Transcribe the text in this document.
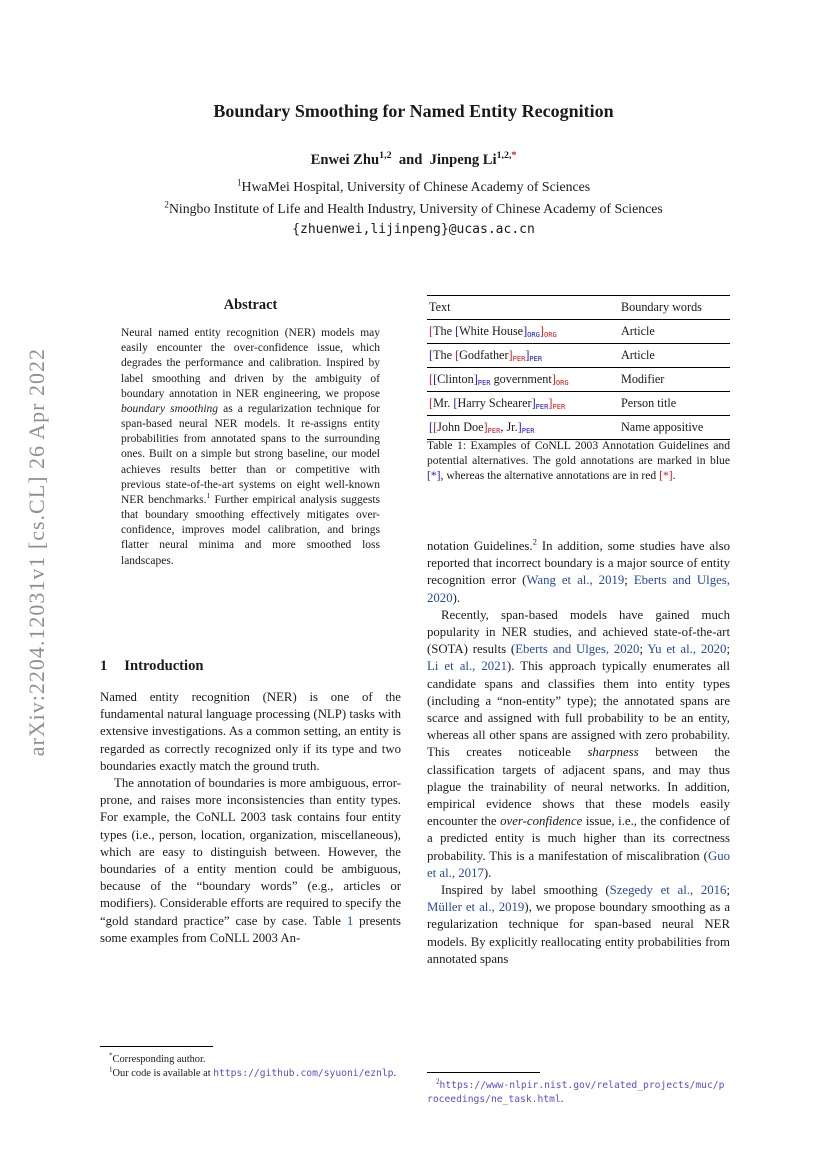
arXiv:2204.12031v1 [cs.CL] 26 Apr 2022
Boundary Smoothing for Named Entity Recognition
Enwei Zhu$^{1,2}$  and  Jinpeng $Li^{1,2,*}$
$^1$HwaMei Hospital, University of Chinese Academy of Sciences
$^2$Ningbo Institute of Life and Health Industry, University of Chinese Academy of Sciences
{zhuenwei,lijinpeng}@ucas.ac.cn
Abstract
Neural named entity recognition (NER) models may easily encounter the over-confidence issue, which degrades the performance and calibration. Inspired by label smoothing and driven by the ambiguity of boundary annotation in NER engineering, we propose boundary smoothing as a regularization technique for span-based neural NER models. It re-assigns entity probabilities from annotated spans to the surrounding ones. Built on a simple but strong baseline, our model achieves results better than or competitive with previous state-of-the-art systems on eight well-known NER benchmarks.$^1$ Further empirical analysis suggests that boundary smoothing effectively mitigates over-confidence, improves model calibration, and brings flatter neural minima and more smoothed loss landscapes.
1 Introduction

Named entity recognition (NER) is one of the fundamental natural language processing (NLP) tasks with extensive investigations. As a common setting, an entity is regarded as correctly recognized only if its type and two boundaries exactly match the ground truth.

The annotation of boundaries is more ambiguous, error-prone, and raises more inconsistencies than entity types. For example, the CoNLL 2003 task contains four entity types (i.e., person, location, organization, miscellaneous), which are easy to distinguish between. However, the boundaries of a entity mention could be ambiguous, because of the “boundary words” (e.g., articles or modifiers). Considerable efforts are required to specify the “gold standard practice” case by case. Table 1 presents some examples from CoNLL 2003 An-

Text	Boundary words
[The [White House]ORG]ORG	Article
[The [Godfather]PER]PER	Article
[[Clinton]PER government]ORG	Modifier
[Mr. [Harry Schearer]PER]PER	Person title
[[John Doe]PER, Jr.]PER	Name appositive
Table 1: Examples of CoNLL 2003 Annotation Guidelines and potential alternatives. The gold annotations are marked in blue [*], whereas the alternative annotations are in red [*].

notation Guidelines.$^2$ In addition, some studies have also reported that incorrect boundary is a major source of entity recognition error (Wang et al., 2019; Eberts and Ulges, 2020).

Recently, span-based models have gained much popularity in NER studies, and achieved state-of-the-art (SOTA) results (Eberts and Ulges, 2020; Yu et al., 2020; Li et al., 2021). This approach typically enumerates all candidate spans and classifies them into entity types (including a “non-entity” type); the annotated spans are scarce and assigned with full probability to be an entity, whereas all other spans are assigned with zero probability. This creates noticeable sharpness between the classification targets of adjacent spans, and may thus plague the trainability of neural networks. In addition, empirical evidence shows that these models easily encounter the over-confidence issue, i.e., the confidence of a predicted entity is much higher than its correctness probability. This is a manifestation of miscalibration (Guo et al., 2017).

Inspired by label smoothing (Szegedy et al., 2016; Müller et al., 2019), we propose boundary smoothing as a regularization technique for span-based neural NER models. By explicitly reallocating entity probabilities from annotated spans

*Corresponding author.

$^1$Our code is available at https://github.com/syuoni/eznlp.

$^2$https://www-nlpir.nist.gov/related_projects/muc/proceedings/ne_task.html.
